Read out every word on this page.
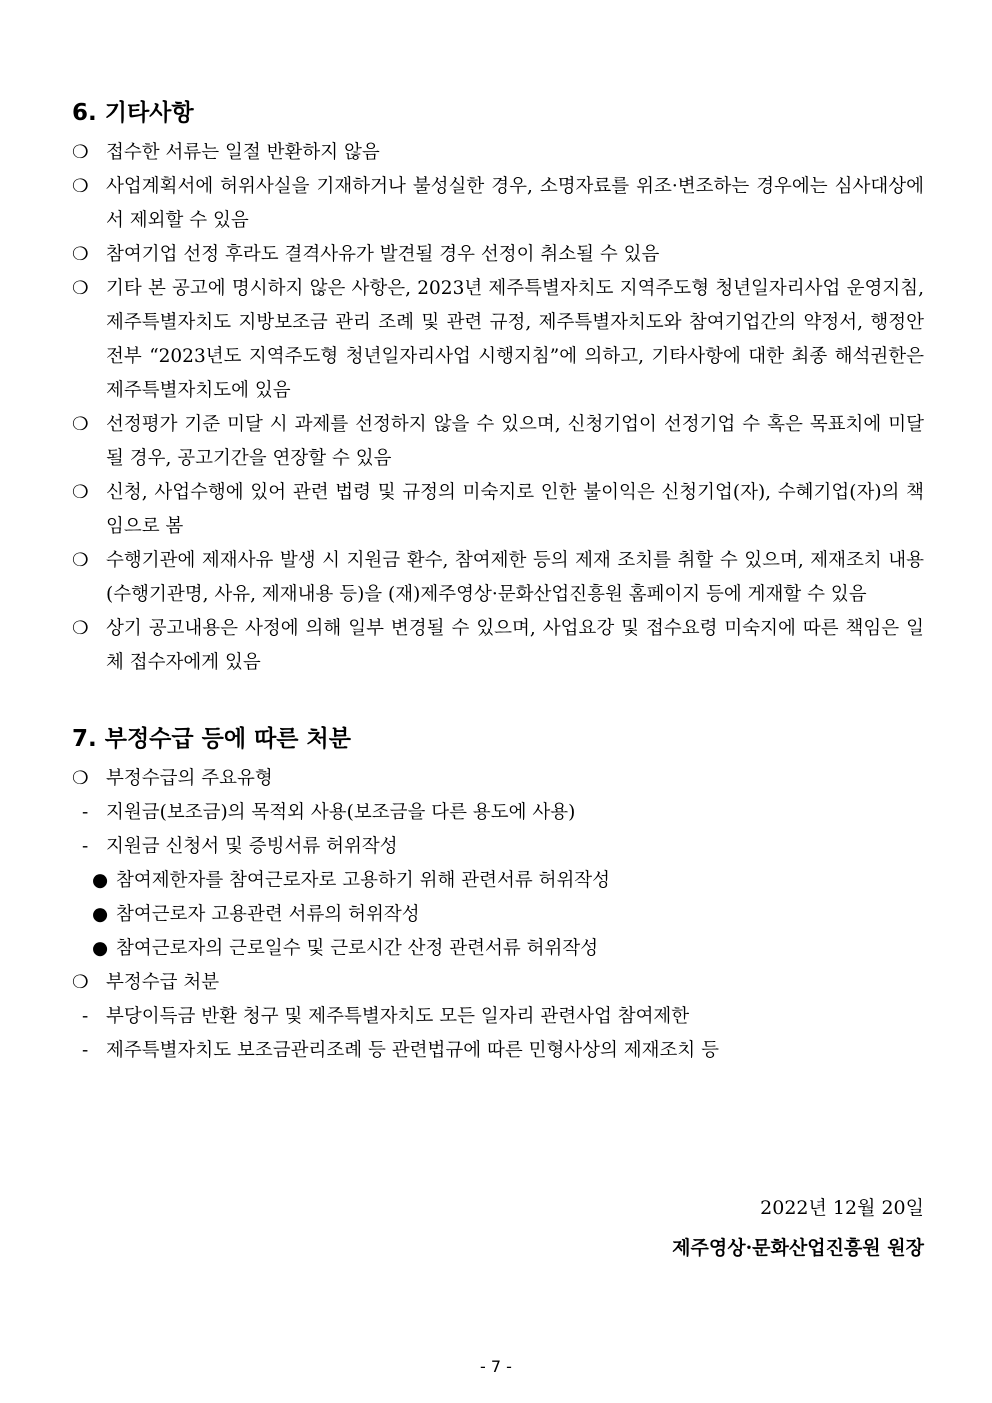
6. 기타사항
❍ 접수한 서류는 일절 반환하지 않음
❍ 사업계획서에 허위사실을 기재하거나 불성실한 경우, 소명자료를 위조·변조하는 경우에는 심사대상에서 제외할 수 있음
❍ 참여기업 선정 후라도 결격사유가 발견될 경우 선정이 취소될 수 있음
❍ 기타 본 공고에 명시하지 않은 사항은, 2023년 제주특별자치도 지역주도형 청년일자리사업 운영지침, 제주특별자치도 지방보조금 관리 조례 및 관련 규정, 제주특별자치도와 참여기업간의 약정서, 행정안전부 “2023년도 지역주도형 청년일자리사업 시행지침”에 의하고, 기타사항에 대한 최종 해석권한은 제주특별자치도에 있음
❍ 선정평가 기준 미달 시 과제를 선정하지 않을 수 있으며, 신청기업이 선정기업 수 혹은 목표치에 미달될 경우, 공고기간을 연장할 수 있음
❍ 신청, 사업수행에 있어 관련 법령 및 규정의 미숙지로 인한 불이익은 신청기업(자), 수혜기업(자)의 책임으로 봄
❍ 수행기관에 제재사유 발생 시 지원금 환수, 참여제한 등의 제재 조치를 취할 수 있으며, 제재조치 내용(수행기관명, 사유, 제재내용 등)을 (재)제주영상·문화산업진흥원 홈페이지 등에 게재할 수 있음
❍ 상기 공고내용은 사정에 의해 일부 변경될 수 있으며, 사업요강 및 접수요령 미숙지에 따른 책임은 일체 접수자에게 있음
7. 부정수급 등에 따른 처분
❍ 부정수급의 주요유형
- 지원금(보조금)의 목적외 사용(보조금을 다른 용도에 사용)
- 지원금 신청서 및 증빙서류 허위작성
● 참여제한자를 참여근로자로 고용하기 위해 관련서류 허위작성
● 참여근로자 고용관련 서류의 허위작성
● 참여근로자의 근로일수 및 근로시간 산정 관련서류 허위작성
❍ 부정수급 처분
- 부당이득금 반환 청구 및 제주특별자치도 모든 일자리 관련사업 참여제한
- 제주특별자치도 보조금관리조례 등 관련법규에 따른 민형사상의 제재조치 등
2022년 12월 20일
제주영상·문화산업진흥원 원장
- 7 -
